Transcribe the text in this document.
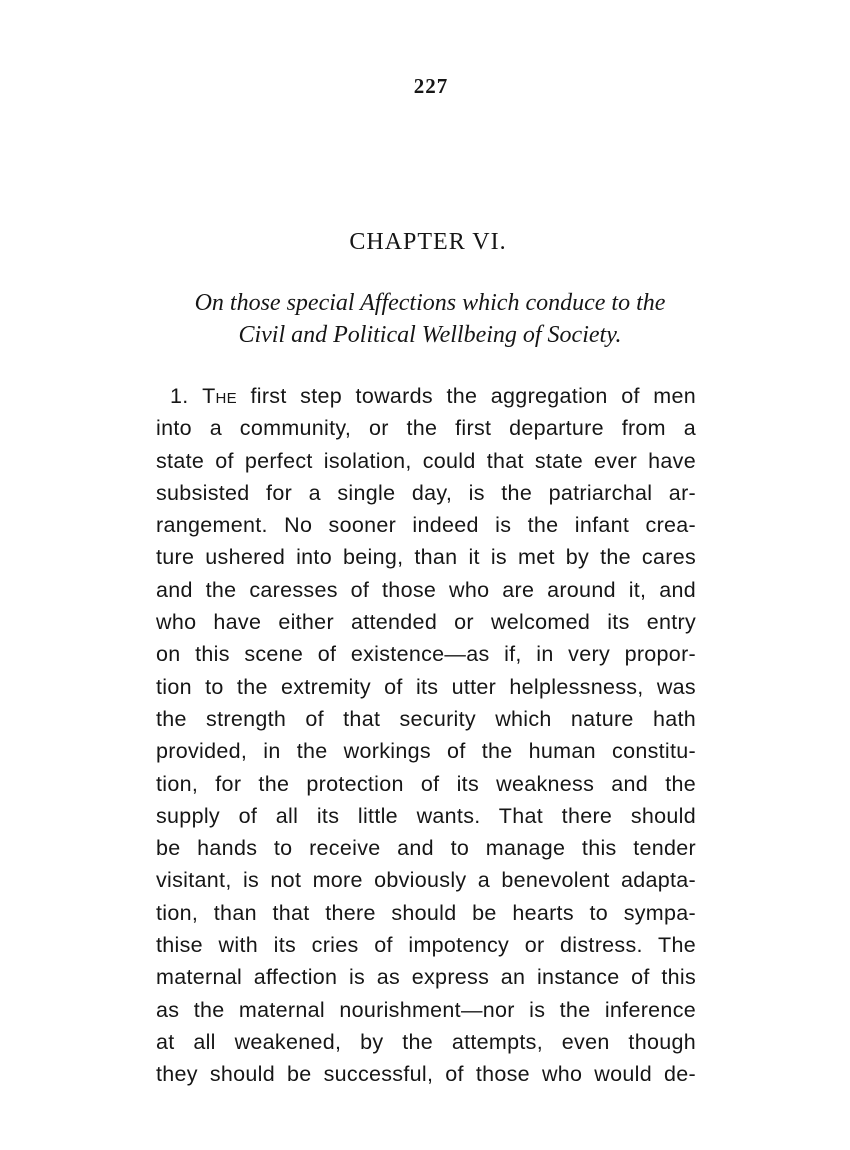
227
CHAPTER VI.
On those special Affections which conduce to the
Civil and Political Wellbeing of Society.
1. The first step towards the aggregation of men
into a community, or the first departure from a
state of perfect isolation, could that state ever have
subsisted for a single day, is the patriarchal ar-
rangement. No sooner indeed is the infant crea-
ture ushered into being, than it is met by the cares
and the caresses of those who are around it, and
who have either attended or welcomed its entry
on this scene of existence—as if, in very propor-
tion to the extremity of its utter helplessness, was
the strength of that security which nature hath
provided, in the workings of the human constitu-
tion, for the protection of its weakness and the
supply of all its little wants. That there should
be hands to receive and to manage this tender
visitant, is not more obviously a benevolent adapta-
tion, than that there should be hearts to sympa-
thise with its cries of impotency or distress. The
maternal affection is as express an instance of this
as the maternal nourishment—nor is the inference
at all weakened, by the attempts, even though
they should be successful, of those who would de-
